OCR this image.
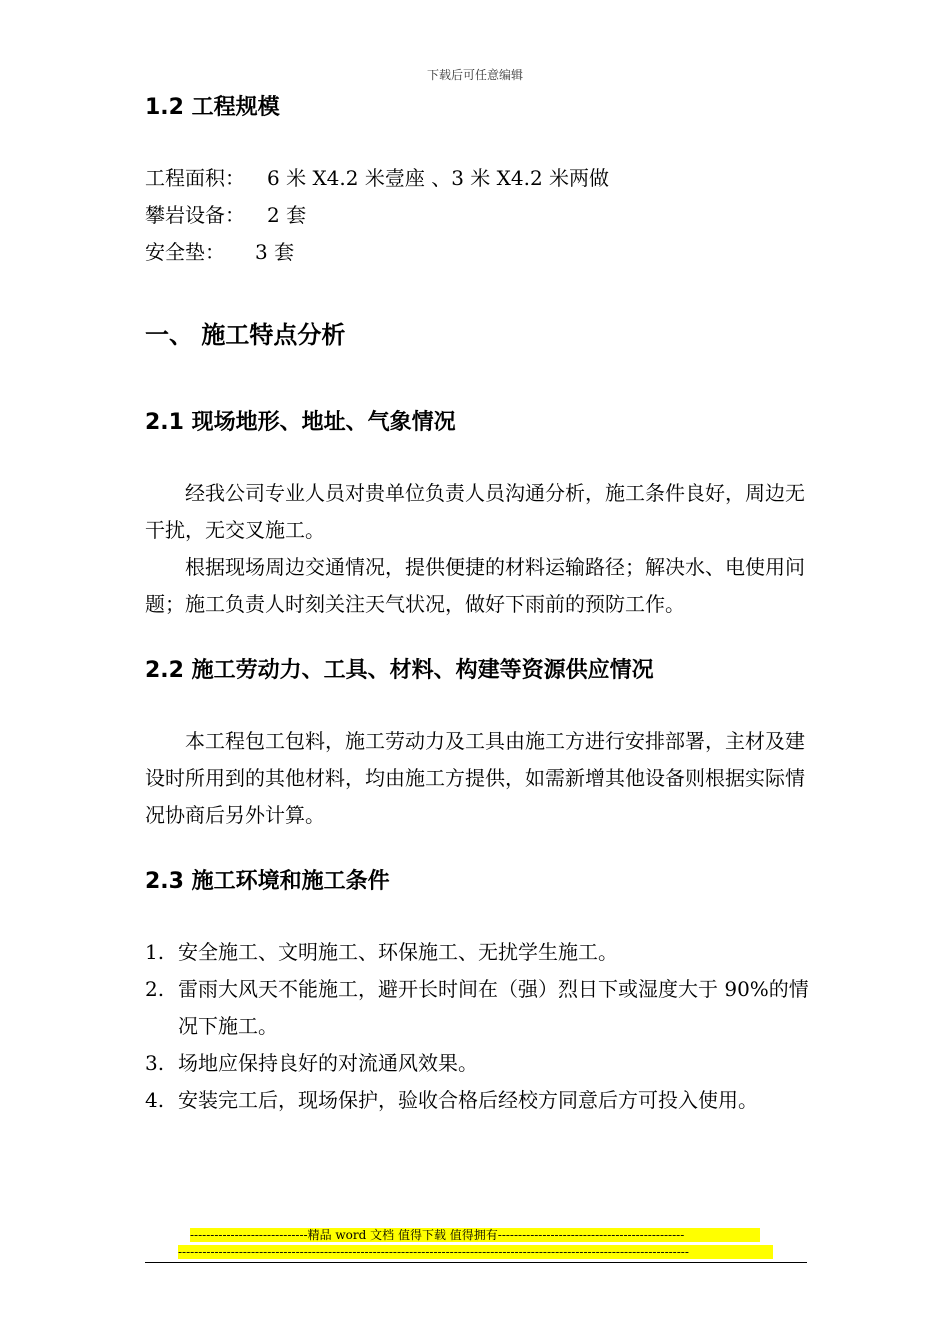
下载后可任意编辑
1.2 工程规模

工程面积： 6 米 X4.2 米壹座 、3 米 X4.2 米两做

攀岩设备： 2 套

安全垫： 3 套

一、 施工特点分析
2.1 现场地形、地址、气象情况

经我公司专业人员对贵单位负责人员沟通分析，施工条件良好，周边无干扰，无交叉施工。

根据现场周边交通情况，提供便捷的材料运输路径；解决水、电使用问题；施工负责人时刻关注天气状况，做好下雨前的预防工作。

2.2 施工劳动力、工具、材料、构建等资源供应情况

本工程包工包料，施工劳动力及工具由施工方进行安排部署，主材及建设时所用到的其他材料，均由施工方提供，如需新增其他设备则根据实际情况协商后另外计算。

2.3 施工环境和施工条件
1. 安全施工、文明施工、环保施工、无扰学生施工。
2. 雷雨大风天不能施工，避开长时间在（强）烈日下或湿度大于 90%的情况下施工。
3. 场地应保持良好的对流通风效果。
4. 安装完工后，现场保护，验收合格后经校方同意后方可投入使用。
-----------------------------精品 word 文档 值得下载 值得拥有----------------------------------------------
------------------------------------------------------------------------------------------------------------------------------
